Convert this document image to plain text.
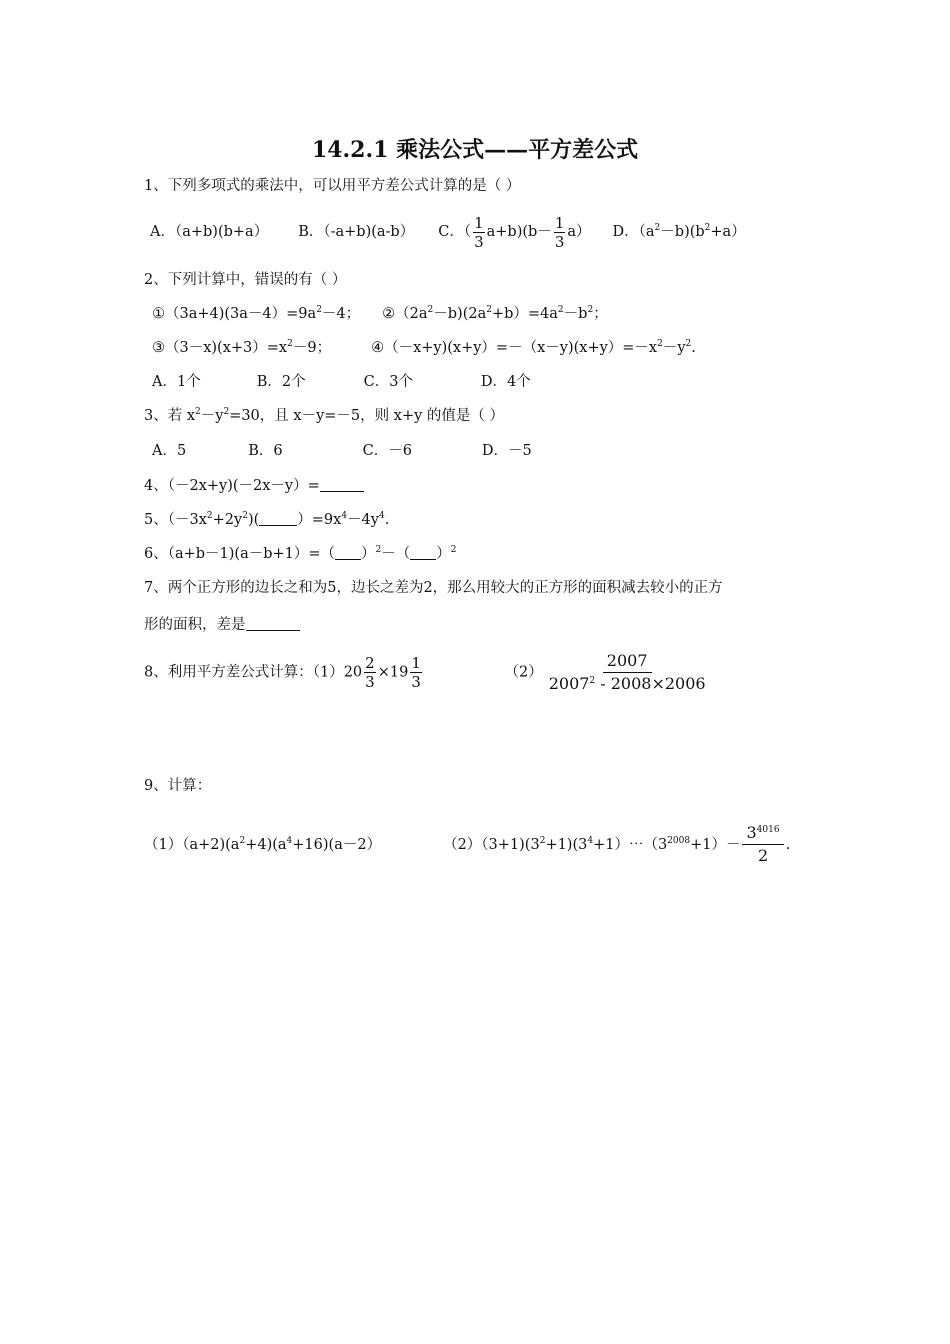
14.2.1 乘法公式——平方差公式
1、下列多项式的乘法中，可以用平方差公式计算的是（ ）
A．（a+b)(b+a） B．（-a+b)(a-b） C．（ $\frac{1}{3} a+b)(b- \frac{1}{3} a)$ D．$(a^2-b)(b^2+a)$
2、下列计算中，错误的有（ ）
$①(3a+4)(3a-4)=9a^2-4$； $②(2a^2-b)(2a^2+b)=4a^2-b^2$；
$③(3-x)(x+3)=x^2-9$；	$④(-x+y)(x+y)=-(x-y)(x+y)=-x^2-y^2$.
A．1个	B．2个	C．3个	D．4个
3、若 $x^2-y^2=30$，且 x－y=－5，则 x+y 的值是（ ）
A．5	B．6	C．－6	D．－5
4、（－2x+y)(－2x－y）=
5、$(-3x^2+2y^2)$(	）$=9x^4-4y^4$.
6、（a+b－1)(a－b+1）=（ ）$^2$－（ ）$^2$
7、两个正方形的边长之和为5，边长之差为2，那么用较大的正方形的面积减去较小的正方
形的面积，差是
8、利用平方差公式计算：$(1)20 \frac{2}{3} \times 19 \frac{1}{3}$	$(2) \frac{2007}{2007^2 - 2008\times 2006}$
9、计算：
$(1)(a+2)(a^2+4)(a^4+16)(a-2)$	$(2)(3+1)(3^2+1)(3^4+1)\cdots(3^{2008}+1)- \frac{3^{4016}}{2}$ .
